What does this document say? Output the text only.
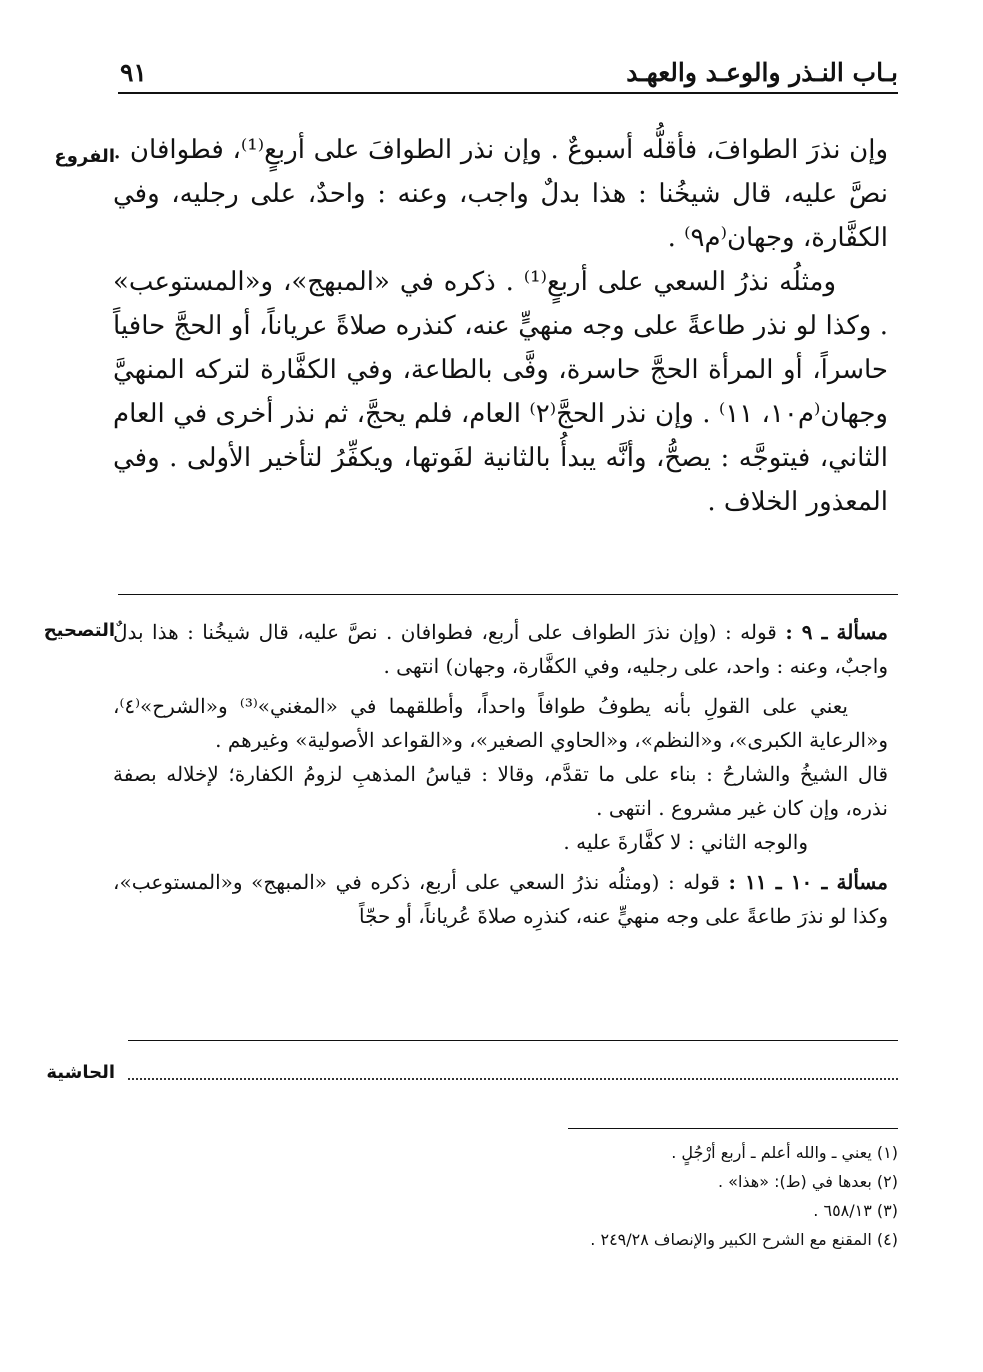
بـاب النـذر والوعـد والعهـد
٩١
الفروع

وإن نذرَ الطوافَ، فأقلُّه أسبوعٌ . وإن نذر الطوافَ على أربعٍ⁽¹⁾، فطوافان . نصَّ عليه، قال شيخُنا : هذا بدلٌ واجب، وعنه : واحدٌ، على رجليه، وفي الكفَّارة، وجهان⁽م٩⁾ .

ومثلُه نذرُ السعي على أربعٍ⁽¹⁾ . ذكره في «المبهج»، و«المستوعب» . وكذا لو نذر طاعةً على وجه منهيٍّ عنه، كنذره صلاةً عرياناً، أو الحجَّ حافياً حاسراً، أو المرأة الحجَّ حاسرة، وفَّى بالطاعة، وفي الكفَّارة لتركه المنهيَّ وجهان⁽م١٠، ١١⁾ . وإن نذر الحجَّ⁽٢⁾ العام، فلم يحجَّ، ثم نذر أخرى في العام الثاني، فيتوجَّه : يصحُّ، وأنَّه يبدأُ بالثانية لفَوتها، ويكفِّرُ لتأخير الأولى . وفي المعذور الخلاف .

التصحيح	مسألة ـ ٩ : قوله : (وإن نذرَ الطواف على أربع، فطوافان . نصَّ عليه، قال شيخُنا : هذا بدلٌ واجبٌ، وعنه : واحد، على رجليه، وفي الكفَّارة، وجهان) انتهى .

يعني على القولِ بأنه يطوفُ طوافاً واحداً، وأطلقهما في «المغني»⁽³⁾ و«الشرح»⁽٤⁾، و«الرعاية الكبرى»، و«النظم»، و«الحاوي الصغير»، و«القواعد الأصولية» وغيرهم .

قال الشيخُ والشارحُ : بناء على ما تقدَّم، وقالا : قياسُ المذهبِ لزومُ الكفارة؛ لإخلاله بصفة نذره، وإن كان غير مشروع . انتهى .

والوجه الثاني : لا كفَّارةَ عليه .

مسألة ـ ١٠ ـ ١١ : قوله : (ومثلُه نذرُ السعي على أربع، ذكره في «المبهج» و«المستوعب»، وكذا لو نذرَ طاعةً على وجه منهيٍّ عنه، كنذرِه صلاةَ عُرياناً، أو حجّاً

الحاشية
(١) يعني ـ والله أعلم ـ أربع أرْجُلٍ .
(٢) بعدها في (ط): «هذا» .
(٣) ٦٥٨/١٣ .
(٤) المقنع مع الشرح الكبير والإنصاف ٢٤٩/٢٨ .
